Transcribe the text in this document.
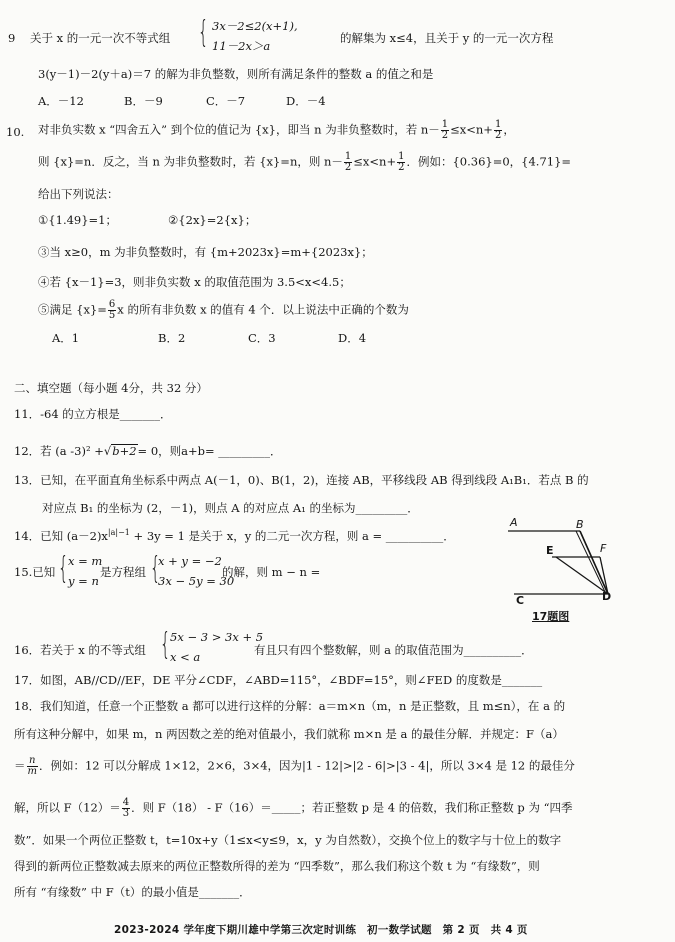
9 关于 x 的一元一次不等式组 { 3x－2≤2(x+1),
11－2x＞a
的解集为 x≤4，且关于 y 的一元一次方程
3(y－1)－2(y＋a)＝7 的解为非负整数，则所有满足条件的整数 a 的值之和是
A．－12	B．－9	C．－7	D．－4
10. 对非负实数 x “四舍五入” 到个位的值记为 {x}，即当 n 为非负整数时，若 $n- \frac{1}{2} \le x<n+ \frac{1}{2}$ ，
则 {x}=n．反之，当 n 为非负整数时，若 {x}=n，则 $n- \frac{1}{2} \le x<n+ \frac{1}{2}$ ．例如：{0.36}=0，{4.71}=
给出下列说法：
①{1.49}=1；	②{2x}=2{x}；
③当 x≥0，m 为非负整数时，有 {m+2023x}=m+{2023x}；
④若 {x－1}=3，则非负实数 x 的取值范围为 3.5<x<4.5；
⑤满足 $\{x\}= \frac{6}{5}$ x 的所有非负数 x 的值有 4 个．以上说法中正确的个数为
A．1	B．2	C．3	D．4
二、填空题（每小题 4分，共 32 分）
11．-64 的立方根是_______．
12．若 (a -3)² +√b+2= 0，则a+b= _________．
13．已知，在平面直角坐标系中两点 A(－1，0)、B(1，2)，连接 AB，平移线段 AB 得到线段 A₁B₁．若点 B 的
对应点 B₁ 的坐标为 (2，－1)，则点 A 的对应点 A₁ 的坐标为_________．
14．已知 $(a-2)x^{|a|-1} + 3y = 1$ 是关于 x，y 的二元一次方程，则 a = __________．
15.已知 { x = m
y = n
是方程组 {
x + y = −2
3x − 5y = 30
的解，则 m − n =
A	B
E	F
C	D
17题图
16．若关于 x 的不等式组 { 5x − 3 > 3x + 5
x < a	有且只有四个整数解，则 a 的取值范围为__________．
17．如图，AB//CD//EF，DE 平分∠CDF，∠ABD=115°，∠BDF=15°，则∠FED 的度数是_______
18．我们知道，任意一个正整数 a 都可以进行这样的分解：a＝m×n（m，n 是正整数，且 m≤n），在 a 的
所有这种分解中，如果 m，n 两因数之差的绝对值最小，我们就称 m×n 是 a 的最佳分解．并规定：F（a）
＝ $\frac{n}{m}$ ．例如：12 可以分解成 1×12，2×6，3×4，因为|1 - 12|>|2 - 6|>|3 - 4|，所以 3×4 是 12 的最佳分
解，所以 $F(12)= \frac{4}{3}$ ．则 F（18） - F（16）＝_____；若正整数 p 是 4 的倍数，我们称正整数 p 为 “四季
数”．如果一个两位正整数 t，t=10x+y（1≤x<y≤9，x，y 为自然数），交换个位上的数字与十位上的数字
得到的新两位正整数减去原来的两位正整数所得的差为 “四季数”，那么我们称这个数 t 为 “有缘数”，则
所有 “有缘数” 中 F（t）的最小值是_______．
2023-2024 学年度下期川雄中学第三次定时训练　初一数学试题　第 2 页　共 4 页
